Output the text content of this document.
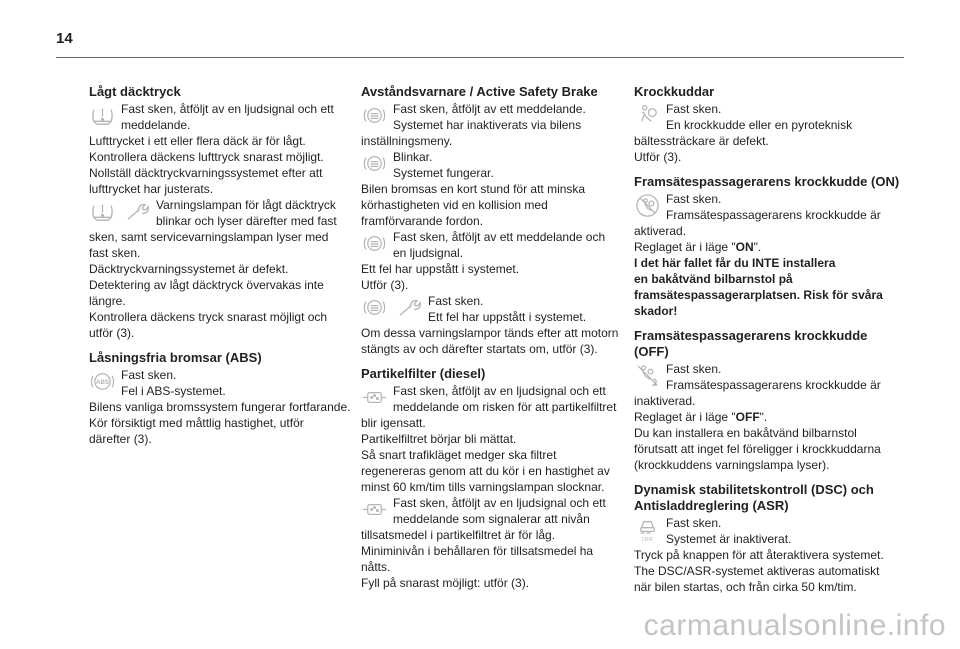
14
Lågt däcktryck
Fast sken, åtföljt av en ljudsignal och ett
meddelande.
Lufttrycket i ett eller flera däck är för lågt.
Kontrollera däckens lufttryck snarast möjligt.
Nollställ däcktryckvarningssystemet efter att
lufttrycket har justerats.
Varningslampan för lågt däcktryck
blinkar och lyser därefter med fast
sken, samt servicevarningslampan lyser med
fast sken.
Däcktryckvarningssystemet är defekt.
Detektering av lågt däcktryck övervakas inte
längre.
Kontrollera däckens tryck snarast möjligt och
utför (3).
Låsningsfria bromsar (ABS)
ABS
Fast sken.
Fel i ABS-systemet.
Bilens vanliga bromssystem fungerar fortfarande.
Kör försiktigt med måttlig hastighet, utför
därefter (3).
Avståndsvarnare / Active Safety Brake
Fast sken, åtföljt av ett meddelande.
Systemet har inaktiverats via bilens
inställningsmeny.
Blinkar.
Systemet fungerar.
Bilen bromsas en kort stund för att minska
körhastigheten vid en kollision med
framförvarande fordon.
Fast sken, åtföljt av ett meddelande och
en ljudsignal.
Ett fel har uppstått i systemet.
Utför (3).
Fast sken.
Ett fel har uppstått i systemet.
Om dessa varningslampor tänds efter att motorn
stängts av och därefter startats om, utför (3).
Partikelfilter (diesel)
Fast sken, åtföljt av en ljudsignal och ett
meddelande om risken för att partikelfiltret
blir igensatt.
Partikelfiltret börjar bli mättat.
Så snart trafikläget medger ska filtret
regenereras genom att du kör i en hastighet av
minst 60 km/tim tills varningslampan slocknar.
Fast sken, åtföljt av en ljudsignal och ett
meddelande som signalerar att nivån
tillsatsmedel i partikelfiltret är för låg.
Miniminivån i behållaren för tillsatsmedel ha
nåtts.
Fyll på snarast möjligt: utför (3).
Krockkuddar
Fast sken.
En krockkudde eller en pyroteknisk
bältessträckare är defekt.
Utför (3).
Framsätespassagerarens krockkudde (ON)
Fast sken.
Framsätespassagerarens krockkudde är
aktiverad.
Reglaget är i läge "ON".
I det här fallet får du INTE installera
en bakåtvänd bilbarnstol på
framsätespassagerarplatsen. Risk för svåra
skador!
Framsätespassagerarens krockkudde
(OFF)
Fast sken.
Framsätespassagerarens krockkudde är
inaktiverad.
Reglaget är i läge "OFF".
Du kan installera en bakåtvänd bilbarnstol
förutsatt att inget fel föreligger i krockkuddarna
(krockkuddens varningslampa lyser).
Dynamisk stabilitetskontroll (DSC) och
Antisladdreglering (ASR)
OFF
Fast sken.
Systemet är inaktiverat.
Tryck på knappen för att återaktivera systemet.
The DSC/ASR-systemet aktiveras automatiskt
när bilen startas, och från cirka 50 km/tim.
carmanualsonline.info
